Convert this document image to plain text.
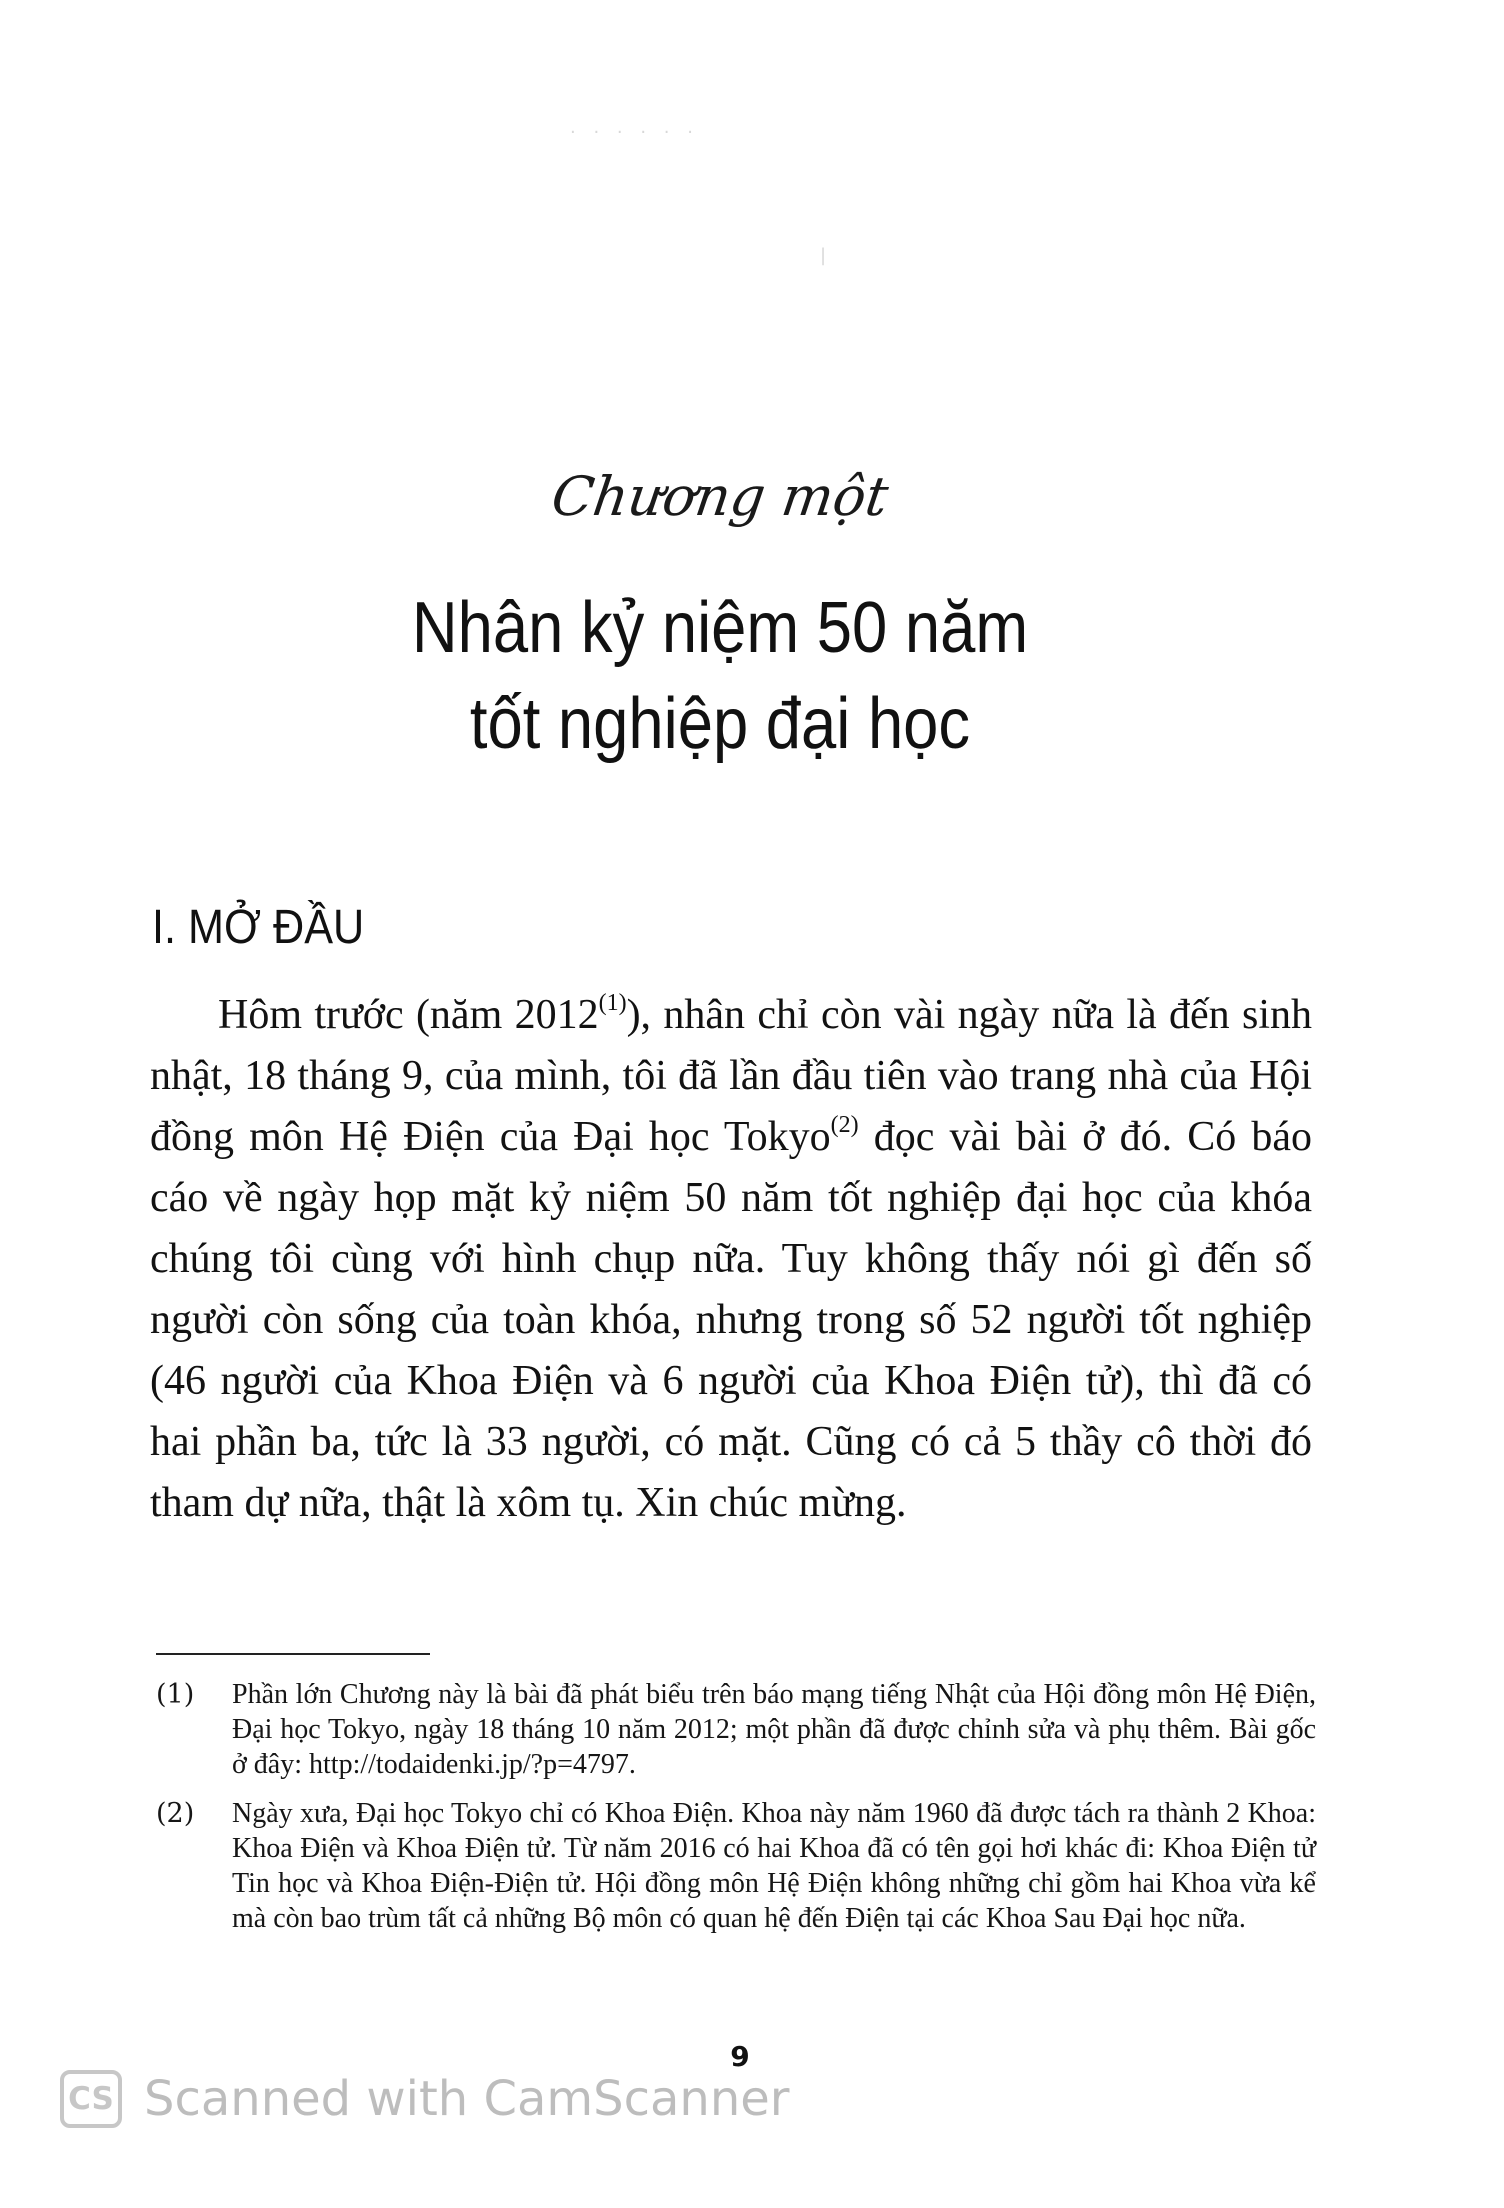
· · · · · ·
|
Chương một
Nhân kỷ niệm 50 năm
tốt nghiệp đại học
I. MỞ ĐẦU

Hôm trước (năm 2012$^{(1)}$), nhân chỉ còn vài ngày nữa là đến sinh nhật, 18 tháng 9, của mình, tôi đã lần đầu tiên vào trang nhà của Hội đồng môn Hệ Điện của Đại học Tokyo$^{(2)}$ đọc vài bài ở đó. Có báo cáo về ngày họp mặt kỷ niệm 50 năm tốt nghiệp đại học của khóa chúng tôi cùng với hình chụp nữa. Tuy không thấy nói gì đến số người còn sống của toàn khóa, nhưng trong số 52 người tốt nghiệp (46 người của Khoa Điện và 6 người của Khoa Điện tử), thì đã có hai phần ba, tức là 33 người, có mặt. Cũng có cả 5 thầy cô thời đó tham dự nữa, thật là xôm tụ. Xin chúc mừng.

(1)	Phần lớn Chương này là bài đã phát biểu trên báo mạng tiếng Nhật của Hội đồng môn Hệ Điện, Đại học Tokyo, ngày 18 tháng 10 năm 2012; một phần đã được chỉnh sửa và phụ thêm. Bài gốc ở đây: http://todaidenki.jp/?p=4797.
(2)	Ngày xưa, Đại học Tokyo chỉ có Khoa Điện. Khoa này năm 1960 đã được tách ra thành 2 Khoa: Khoa Điện và Khoa Điện tử. Từ năm 2016 có hai Khoa đã có tên gọi hơi khác đi: Khoa Điện tử Tin học và Khoa Điện-Điện tử. Hội đồng môn Hệ Điện không những chỉ gồm hai Khoa vừa kể mà còn bao trùm tất cả những Bộ môn có quan hệ đến Điện tại các Khoa Sau Đại học nữa.
9
CS Scanned with CamScanner
